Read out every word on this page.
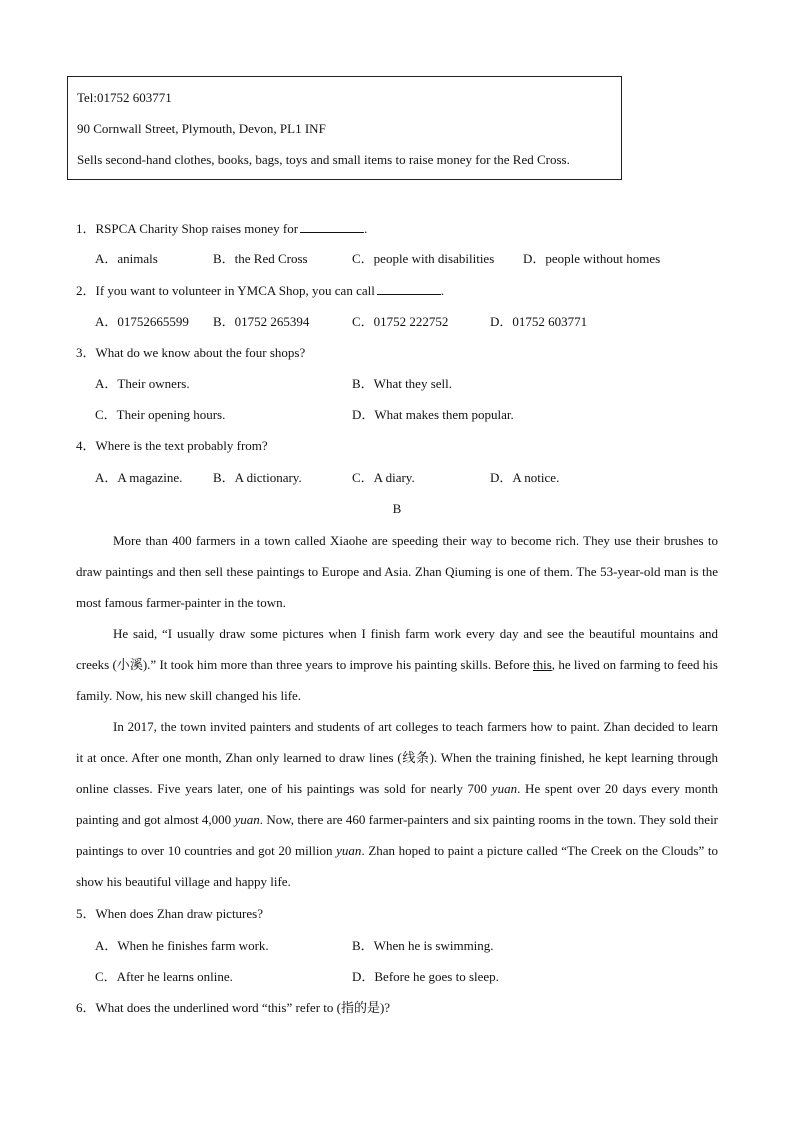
Tel:01752 603771
90 Cornwall Street, Plymouth, Devon, PL1 INF
Sells second-hand clothes, books, bags, toys and small items to raise money for the Red Cross.
1．RSPCA Charity Shop raises money for	.
A．animals	B．the Red Cross	C．people with disabilities D．people without homes
2．If you want to volunteer in YMCA Shop, you can call	.
A．01752665599 B．01752 265394	C．01752 222752	D．01752 603771
3．What do we know about the four shops?
A．Their owners.	B．What they sell.
C．Their opening hours.	D．What makes them popular.
4．Where is the text probably from?
A．A magazine. B．A dictionary.	C．A diary.	D．A notice.
B

More than 400 farmers in a town called Xiaohe are speeding their way to become rich. They use their brushes to draw paintings and then sell these paintings to Europe and Asia. Zhan Qiuming is one of them. The 53-year-old man is the most famous farmer-painter in the town.

He said, “I usually draw some pictures when I finish farm work every day and see the beautiful mountains and creeks (小溪).” It took him more than three years to improve his painting skills. Before this, he lived on farming to feed his family. Now, his new skill changed his life.

In 2017, the town invited painters and students of art colleges to teach farmers how to paint. Zhan decided to learn it at once. After one month, Zhan only learned to draw lines (线条). When the training finished, he kept learning through online classes. Five years later, one of his paintings was sold for nearly 700 yuan. He spent over 20 days every month painting and got almost 4,000 yuan. Now, there are 460 farmer-painters and six painting rooms in the town. They sold their paintings to over 10 countries and got 20 million yuan. Zhan hoped to paint a picture called “The Creek on the Clouds” to show his beautiful village and happy life.

5．When does Zhan draw pictures?
A．When he finishes farm work.	B．When he is swimming.
C．After he learns online.	D．Before he goes to sleep.
6．What does the underlined word “this” refer to (指的是)?
